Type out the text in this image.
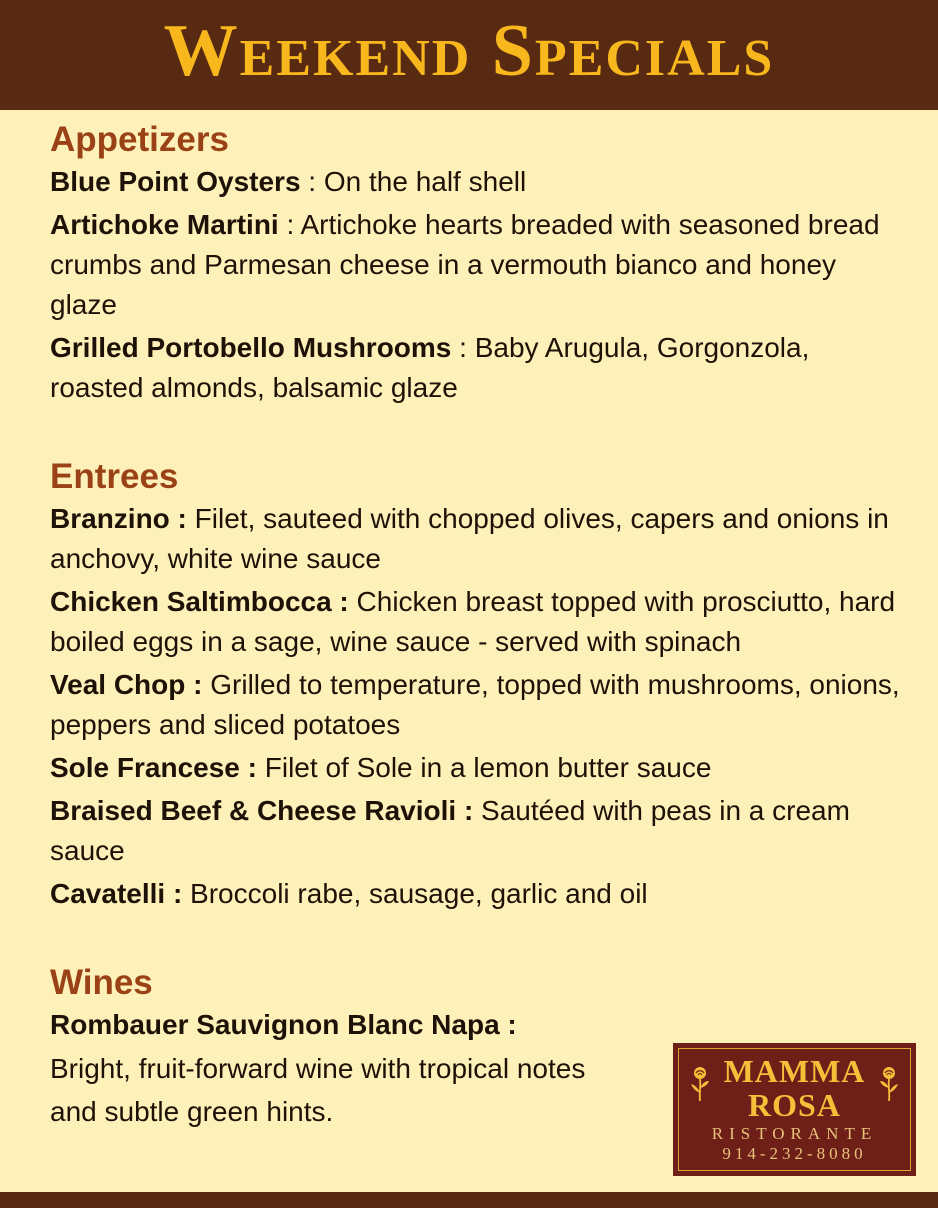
Weekend Specials
Appetizers

Blue Point Oysters : On the half shell

Artichoke Martini : Artichoke hearts breaded with seasoned bread crumbs and Parmesan cheese in a vermouth bianco and honey glaze

Grilled Portobello Mushrooms : Baby Arugula, Gorgonzola, roasted almonds, balsamic glaze

Entrees

Branzino : Filet, sauteed with chopped olives, capers and onions in anchovy, white wine sauce

Chicken Saltimbocca : Chicken breast topped with prosciutto, hard boiled eggs in a sage, wine sauce - served with spinach

Veal Chop : Grilled to temperature, topped with mushrooms, onions, peppers and sliced potatoes

Sole Francese : Filet of Sole in a lemon butter sauce

Braised Beef & Cheese Ravioli : Sautéed with peas in a cream sauce

Cavatelli : Broccoli rabe, sausage, garlic and oil

Wines
Rombauer Sauvignon Blanc Napa :
Bright, fruit-forward wine with tropical notes
and subtle green hints.
MAMMA
ROSA
RISTORANTE
914-232-8080
